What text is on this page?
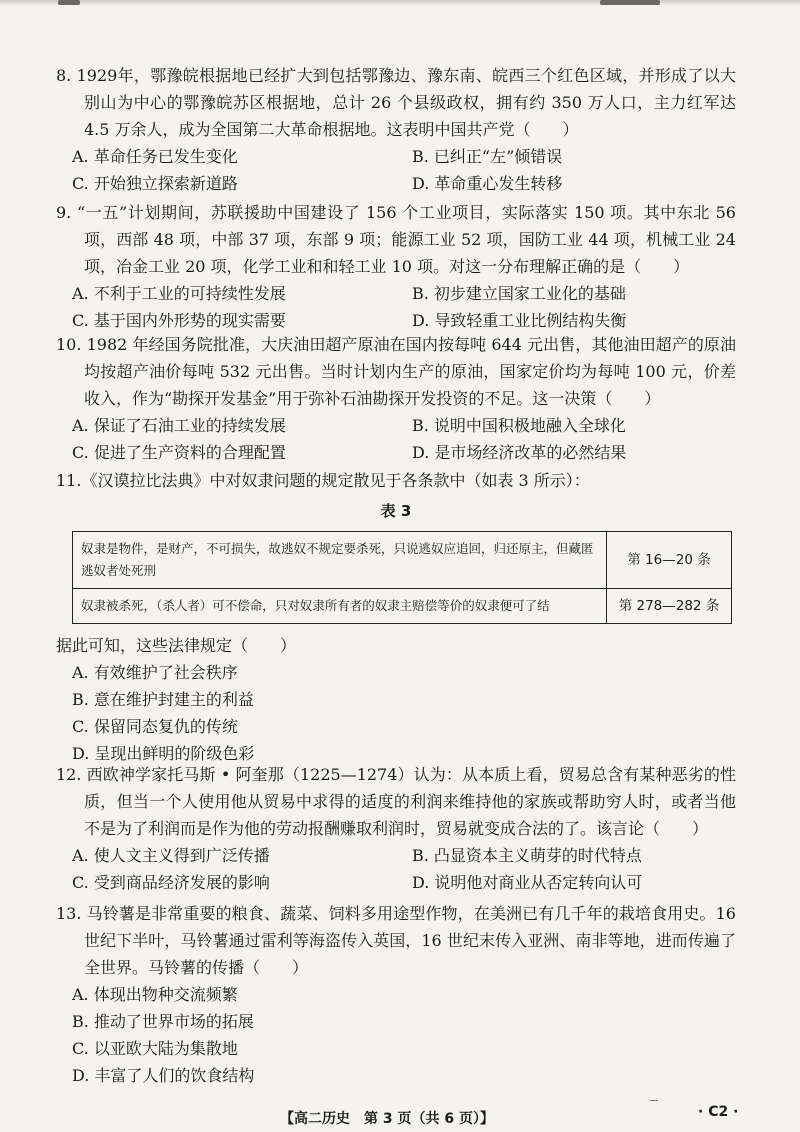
8. 1929年，鄂豫皖根据地已经扩大到包括鄂豫边、豫东南、皖西三个红色区域，并形成了以大别山为中心的鄂豫皖苏区根据地，总计 26 个县级政权，拥有约 350 万人口，主力红军达 4.5 万余人，成为全国第二大革命根据地。这表明中国共产党（　　）

A. 革命任务已发生变化	B. 已纠正“左”倾错误
C. 开始独立探索新道路	D. 革命重心发生转移

9. “一五”计划期间，苏联援助中国建设了 156 个工业项目，实际落实 150 项。其中东北 56 项，西部 48 项，中部 37 项，东部 9 项；能源工业 52 项，国防工业 44 项，机械工业 24 项，冶金工业 20 项，化学工业和和轻工业 10 项。对这一分布理解正确的是（　　）

A. 不利于工业的可持续性发展	B. 初步建立国家工业化的基础
C. 基于国内外形势的现实需要	D. 导致轻重工业比例结构失衡

10. 1982 年经国务院批准，大庆油田超产原油在国内按每吨 644 元出售，其他油田超产的原油均按超产油价每吨 532 元出售。当时计划内生产的原油，国家定价均为每吨 100 元，价差收入，作为“勘探开发基金”用于弥补石油勘探开发投资的不足。这一决策（　　）

A. 保证了石油工业的持续发展	B. 说明中国积极地融入全球化
C. 促进了生产资料的合理配置	D. 是市场经济改革的必然结果

11.《汉谟拉比法典》中对奴隶问题的规定散见于各条款中（如表 3 所示）：

表 3
奴隶是物件，是财产，不可损失，故逃奴不规定要杀死，只说逃奴应追回，归还原主，但藏匿逃奴者处死刑	第 16—20 条
奴隶被杀死，（杀人者）可不偿命，只对奴隶所有者的奴隶主赔偿等价的奴隶便可了结	第 278—282 条

据此可知，这些法律规定（　　）

A. 有效维护了社会秩序
B. 意在维护封建主的利益
C. 保留同态复仇的传统
D. 呈现出鲜明的阶级色彩

12. 西欧神学家托马斯 • 阿奎那（1225—1274）认为：从本质上看，贸易总含有某种恶劣的性质，但当一个人使用他从贸易中求得的适度的利润来维持他的家族或帮助穷人时，或者当他不是为了利润而是作为他的劳动报酬赚取利润时，贸易就变成合法的了。该言论（　　）

A. 使人文主义得到广泛传播	B. 凸显资本主义萌芽的时代特点
C. 受到商品经济发展的影响	D. 说明他对商业从否定转向认可

13. 马铃薯是非常重要的粮食、蔬菜、饲料多用途型作物，在美洲已有几千年的栽培食用史。16 世纪下半叶，马铃薯通过雷利等海盗传入英国，16 世纪末传入亚洲、南非等地，进而传遍了全世界。马铃薯的传播（　　）

A. 体现出物种交流频繁
B. 推动了世界市场的拓展
C. 以亚欧大陆为集散地
D. 丰富了人们的饮食结构
【高二历史　第 3 页（共 6 页）】	· C2 ·
